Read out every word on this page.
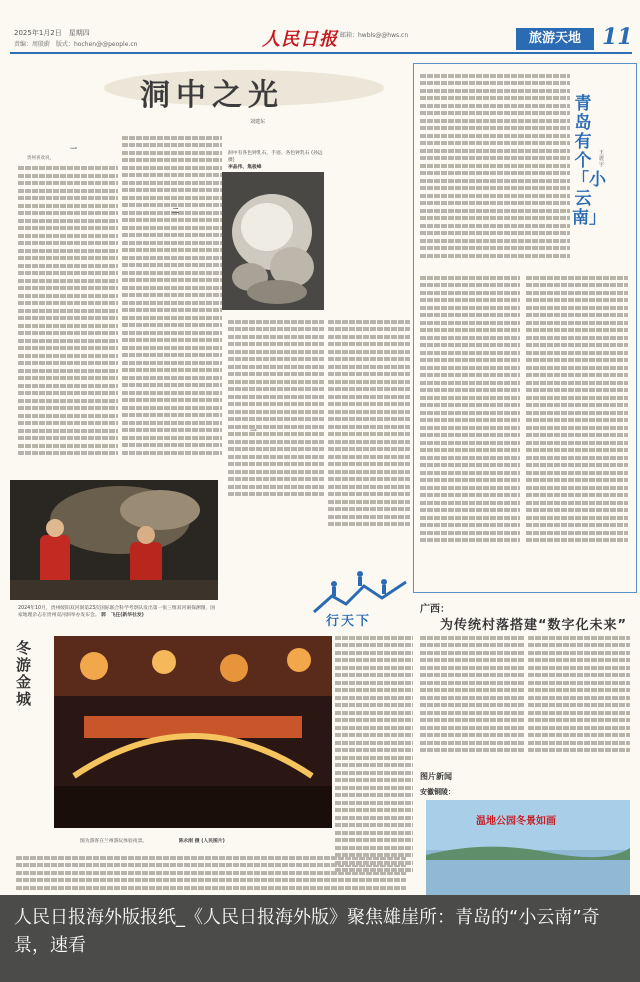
2025年1月2日　星期四
责编：周殷蔚　版式：hochen@@people.cn	人民日报 邮箱：hwbls@@hws.cn	旅游天地 11
洞中之光
刘建东
一

贵州喜欢说，

二
洞中有各色钟乳石，手迹、各色钟乳石 (孙远 摄)
李晶伟、集极峰
2024年10月，贵州绥阳双河洞第23次国际联合科学考察队发出第一张三维双河洞探测图，国家地理杂志在贵州双河洞举办发布会。 郭　飞任(新华社发)	行天下
冬游金城
图为游客在兰州游玩体验夜景。	陈永刚 摄 (人民图片)
青岛有个「小云南」
王震宇
广西：
为传统村落搭建“数字化未来”
图片新闻
安徽铜陵：
温地公园冬景如画
人民日报海外版报纸_《人民日报海外版》聚焦雄崖所：青岛的“小云南”奇景，速看
